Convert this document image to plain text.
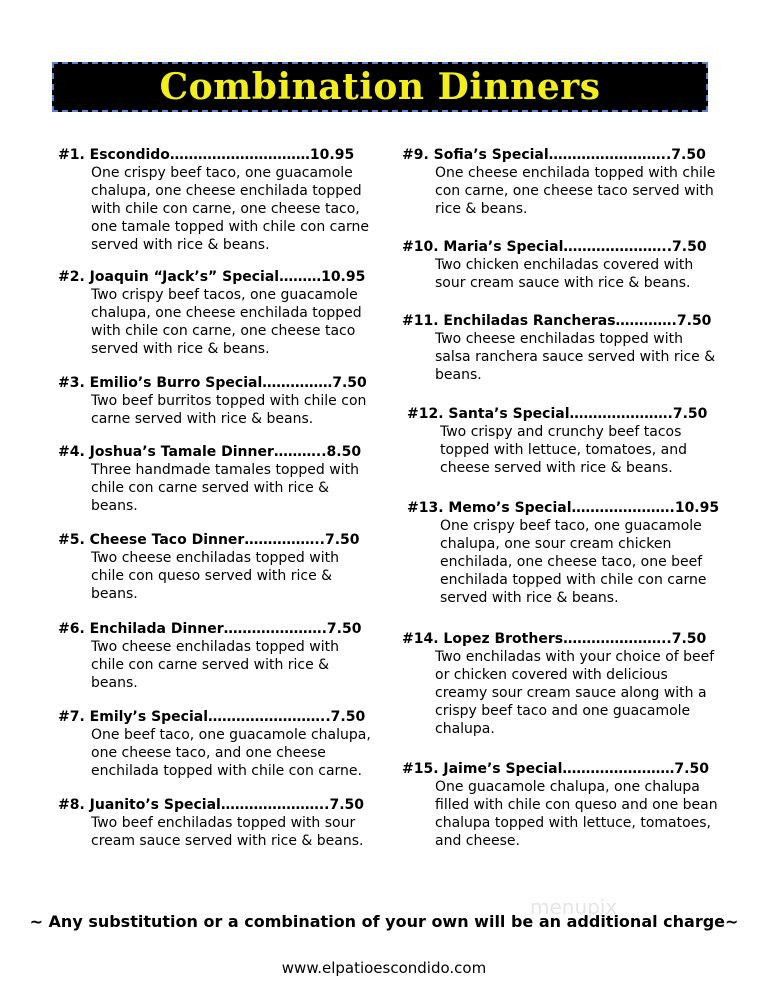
Combination Dinners
#1. Escondido…………………………10.95
One crispy beef taco, one guacamole
chalupa, one cheese enchilada topped
with chile con carne, one cheese taco,
one tamale topped with chile con carne
served with rice & beans.
#2. Joaquin “Jack’s” Special………10.95
Two crispy beef tacos, one guacamole
chalupa, one cheese enchilada topped
with chile con carne, one cheese taco
served with rice & beans.
#3. Emilio’s Burro Special……………7.50
Two beef burritos topped with chile con
carne served with rice & beans.
#4. Joshua’s Tamale Dinner………..8.50
Three handmade tamales topped with
chile con carne served with rice &
beans.
#5. Cheese Taco Dinner……………..7.50
Two cheese enchiladas topped with
chile con queso served with rice &
beans.
#6. Enchilada Dinner………………….7.50
Two cheese enchiladas topped with
chile con carne served with rice &
beans.
#7. Emily’s Special……………………..7.50
One beef taco, one guacamole chalupa,
one cheese taco, and one cheese
enchilada topped with chile con carne.
#8. Juanito’s Special…………………..7.50
Two beef enchiladas topped with sour
cream sauce served with rice & beans.
#9. Sofia’s Special……………………..7.50
One cheese enchilada topped with chile
con carne, one cheese taco served with
rice & beans.
#10. Maria’s Special…………………..7.50
Two chicken enchiladas covered with
sour cream sauce with rice & beans.
#11. Enchiladas Rancheras………….7.50
Two cheese enchiladas topped with
salsa ranchera sauce served with rice &
beans.
#12. Santa’s Special………………….7.50
Two crispy and crunchy beef tacos
topped with lettuce, tomatoes, and
cheese served with rice & beans.
#13. Memo’s Special………………….10.95
One crispy beef taco, one guacamole
chalupa, one sour cream chicken
enchilada, one cheese taco, one beef
enchilada topped with chile con carne
served with rice & beans.
#14. Lopez Brothers…………………..7.50
Two enchiladas with your choice of beef
or chicken covered with delicious
creamy sour cream sauce along with a
crispy beef taco and one guacamole
chalupa.
#15. Jaime’s Special……………………7.50
One guacamole chalupa, one chalupa
filled with chile con queso and one bean
chalupa topped with lettuce, tomatoes,
and cheese.
menupix
~ Any substitution or a combination of your own will be an additional charge~
www.elpatioescondido.com
